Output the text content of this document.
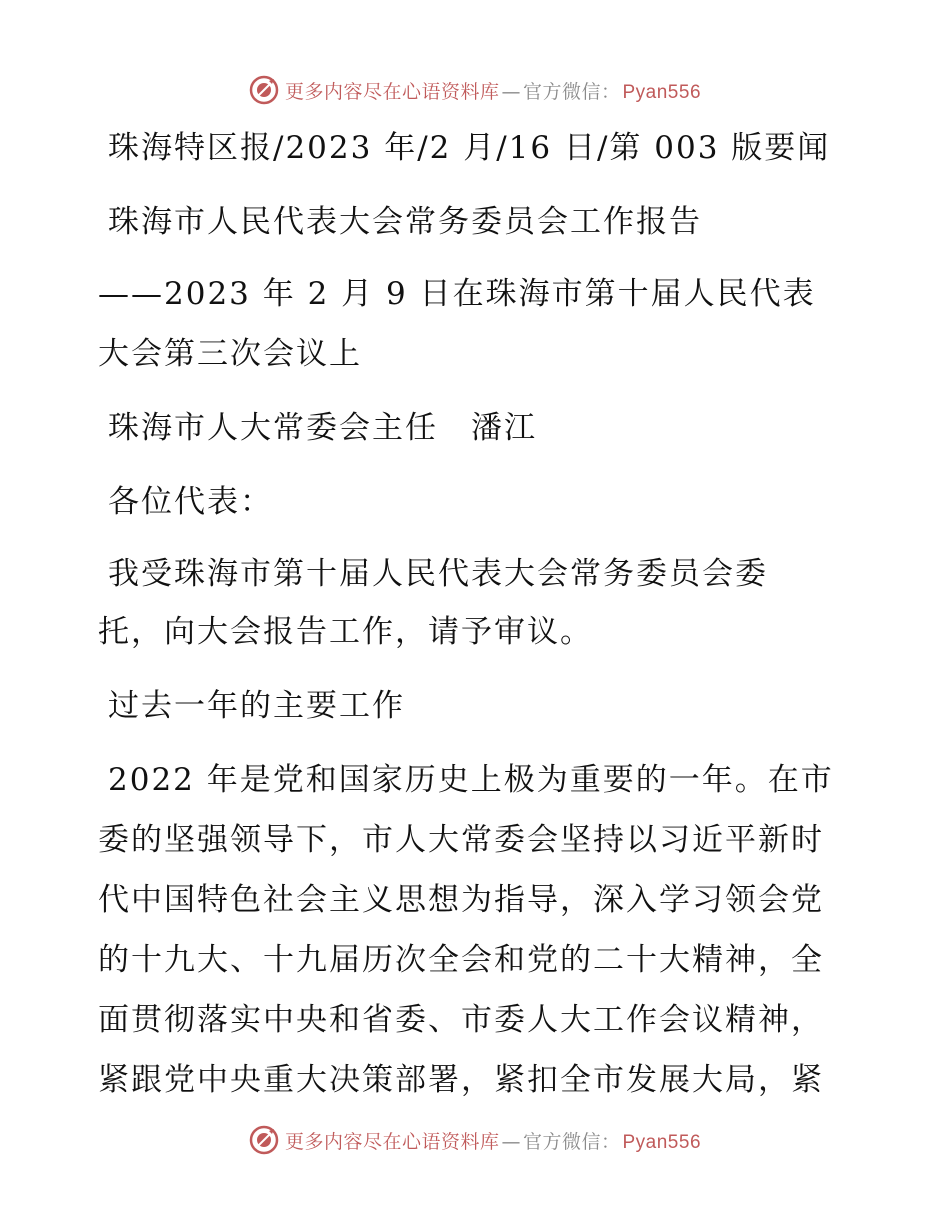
更多内容尽在心语资料库 — 官方微信： Pyan556
珠海特区报/2023 年/2 月/16 日/第 003 版要闻
珠海市人民代表大会常务委员会工作报告
——2023 年 2 月 9 日在珠海市第十届人民代表
大会第三次会议上
珠海市人大常委会主任　潘江
各位代表：
我受珠海市第十届人民代表大会常务委员会委
托，向大会报告工作，请予审议。
过去一年的主要工作
2022 年是党和国家历史上极为重要的一年。在市
委的坚强领导下，市人大常委会坚持以习近平新时
代中国特色社会主义思想为指导，深入学习领会党
的十九大、十九届历次全会和党的二十大精神，全
面贯彻落实中央和省委、市委人大工作会议精神，
紧跟党中央重大决策部署，紧扣全市发展大局，紧
更多内容尽在心语资料库 — 官方微信： Pyan556
